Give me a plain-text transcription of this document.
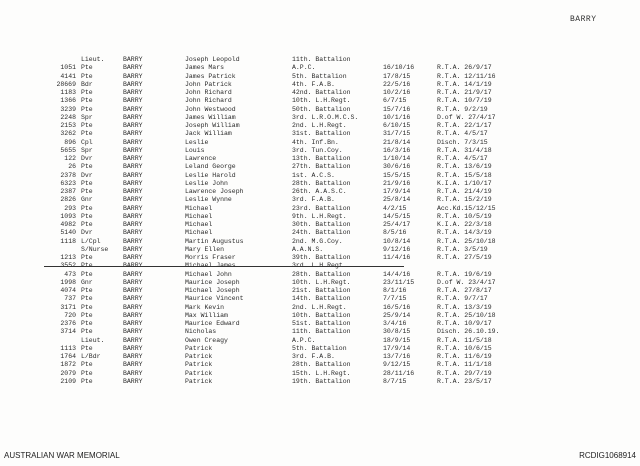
BARRY
Lieut.	BARRY	Joseph Leopold	11th. Battalion
1051 Pte	BARRY	James Mars	A.P.C.	16/10/16	R.T.A. 26/9/17
4141 Pte	BARRY	James Patrick	5th. Battalion	17/8/15	R.T.A. 12/11/16
28669 Bdr	BARRY	John Patrick	4th. F.A.B.	22/5/16	R.T.A. 14/1/19
1183 Pte	BARRY	John Richard	42nd. Battalion	10/2/16	R.T.A. 21/9/17
1366 Pte	BARRY	John Richard	10th. L.H.Regt.	6/7/15	R.T.A. 10/7/19
3239 Pte	BARRY	John Westwood	50th. Battalion	15/7/16	R.T.A. 9/2/19
2248 Spr	BARRY	James William	3rd. L.R.O.M.C.S.	10/1/16	D.of W. 27/4/17
2153 Pte	BARRY	Joseph William	2nd. L.H.Regt.	6/10/15	R.T.A. 22/1/17
3262 Pte	BARRY	Jack William	31st. Battalion	31/7/15	R.T.A. 4/5/17
896 Cpl	BARRY	Leslie	4th. Inf.Bn.	21/8/14	Disch. 7/3/15
5655 Spr	BARRY	Louis	3rd. Tun.Coy.	16/3/16	R.T.A. 31/4/18
122 Dvr	BARRY	Lawrence	13th. Battalion	1/10/14	R.T.A. 4/5/17
26 Pte	BARRY	Leland George	27th. Battalion	30/6/16	R.T.A. 13/6/19
2378 Dvr	BARRY	Leslie Harold	1st. A.C.S.	15/5/15	R.T.A. 15/5/18
6323 Pte	BARRY	Leslie John	28th. Battalion	21/9/16	K.I.A. 1/10/17
2387 Pte	BARRY	Lawrence Joseph	26th. A.A.S.C.	17/9/14	R.T.A. 21/4/19
2826 Gnr	BARRY	Leslie Wynne	3rd. F.A.B.	25/8/14	R.T.A. 15/2/19
293 Pte	BARRY	Michael	23rd. Battalion	4/2/15	Acc.Kd.15/12/15
1093 Pte	BARRY	Michael	9th. L.H.Regt.	14/5/15	R.T.A. 10/5/19
4982 Pte	BARRY	Michael	30th. Battalion	25/4/17	K.I.A. 22/3/18
5140 Dvr	BARRY	Michael	24th. Battalion	8/5/16	R.T.A. 14/3/19
1118 L/Cpl	BARRY	Martin Augustus	2nd. M.G.Coy.	10/8/14	R.T.A. 25/10/18
S/Nurse BARRY	Mary Ellen	A.A.N.S.	9/12/16	R.T.A. 3/5/19
1213 Pte	BARRY	Morris Fraser	39th. Battalion	11/4/16	R.T.A. 27/5/19
3552 Pte	BARRY	Michael James	3rd. L.H.Regt.
473 Pte	BARRY	Michael John	28th. Battalion	14/4/16	R.T.A. 19/6/19
1998 Gnr	BARRY	Maurice Joseph	10th. L.H.Regt.	23/11/15	D.of W. 23/4/17
4074 Pte	BARRY	Michael Joseph	21st. Battalion	8/1/16	R.T.A. 27/8/17
737 Pte	BARRY	Maurice Vincent	14th. Battalion	7/7/15	R.T.A. 9/7/17
3171 Pte	BARRY	Mark Kevin	2nd. L.H.Regt.	16/5/16	R.T.A. 13/3/19
720 Pte	BARRY	Max William	10th. Battalion	25/9/14	R.T.A. 25/10/18
2376 Pte	BARRY	Maurice Edward	51st. Battalion	3/4/16	R.T.A. 10/9/17
3714 Pte	BARRY	Nicholas	11th. Battalion	30/8/15	Disch. 26.10.19.
Lieut.	BARRY	Owen Creagy	A.P.C.	18/9/15	R.T.A. 11/5/18
1113 Pte	BARRY	Patrick	5th. Battalion	17/9/14	R.T.A. 10/6/15
1764 L/Bdr	BARRY	Patrick	3rd. F.A.B.	13/7/16	R.T.A. 11/6/19
1872 Pte	BARRY	Patrick	28th. Battalion	9/12/15	R.T.A. 11/1/18
2079 Pte	BARRY	Patrick	15th. L.H.Regt.	28/11/16	R.T.A. 29/7/19
2109 Pte	BARRY	Patrick	19th. Battalion	8/7/15	R.T.A. 23/5/17
AUSTRALIAN WAR MEMORIAL	RCDIG1068914
